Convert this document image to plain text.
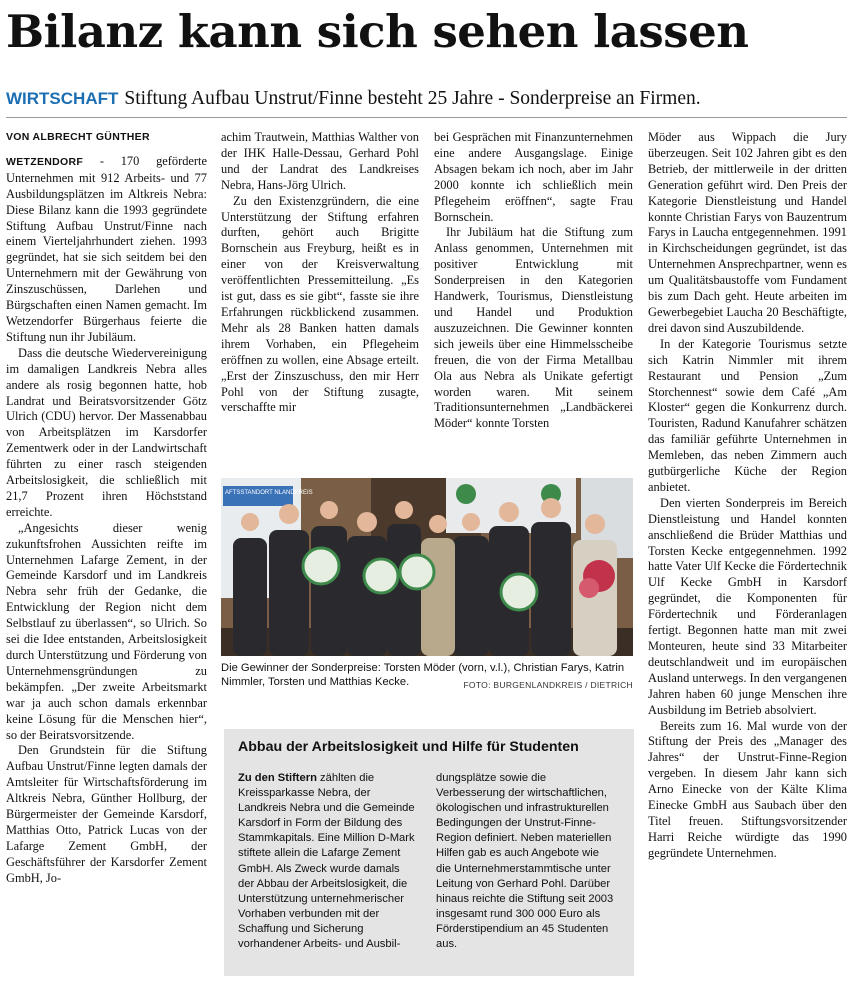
Bilanz kann sich sehen lassen
WIRTSCHAFT Stiftung Aufbau Unstrut/Finne besteht 25 Jahre - Sonderpreise an Firmen.
VON ALBRECHT GÜNTHER

WETZENDORF - 170 geförderte Unternehmen mit 912 Arbeits- und 77 Ausbildungsplätzen im Altkreis Nebra: Diese Bilanz kann die 1993 gegründete Stiftung Aufbau Unstrut/Finne nach einem Vierteljahrhundert ziehen. 1993 gegründet, hat sie sich seitdem bei den Unternehmern mit der Gewährung von Zinszuschüssen, Darlehen und Bürgschaften einen Namen gemacht. Im Wetzendorfer Bürgerhaus feierte die Stiftung nun ihr Jubiläum.

Dass die deutsche Wiedervereinigung im damaligen Landkreis Nebra alles andere als rosig begonnen hatte, hob Landrat und Beiratsvorsitzender Götz Ulrich (CDU) hervor. Der Massenabbau von Arbeitsplätzen im Karsdorfer Zementwerk oder in der Landwirtschaft führten zu einer rasch steigenden Arbeitslosigkeit, die schließlich mit 21,7 Prozent ihren Höchststand erreichte.

„Angesichts dieser wenig zukunftsfrohen Aussichten reifte im Unternehmen Lafarge Zement, in der Gemeinde Karsdorf und im Landkreis Nebra sehr früh der Gedanke, die Entwicklung der Region nicht dem Selbstlauf zu überlassen“, so Ulrich. So sei die Idee entstanden, Arbeitslosigkeit durch Unterstützung und Förderung von Unternehmensgründungen zu bekämpfen. „Der zweite Arbeitsmarkt war ja auch schon damals erkennbar keine Lösung für die Menschen hier“, so der Beiratsvorsitzende.

Den Grundstein für die Stiftung Aufbau Unstrut/Finne legten damals der Amtsleiter für Wirtschaftsförderung im Altkreis Nebra, Günther Hollburg, der Bürgermeister der Gemeinde Karsdorf, Matthias Otto, Patrick Lucas von der Lafarge Zement GmbH, der Geschäftsführer der Karsdorfer Zement GmbH, Jo-

achim Trautwein, Matthias Walther von der IHK Halle-Dessau, Gerhard Pohl und der Landrat des Landkreises Nebra, Hans-Jörg Ulrich.

Zu den Existenzgründern, die eine Unterstützung der Stiftung erfahren durften, gehört auch Brigitte Bornschein aus Freyburg, heißt es in einer von der Kreisverwaltung veröffentlichten Pressemitteilung. „Es ist gut, dass es sie gibt“, fasste sie ihre Erfahrungen rückblickend zusammen. Mehr als 28 Banken hatten damals ihrem Vorhaben, ein Pflegeheim eröffnen zu wollen, eine Absage erteilt. „Erst der Zinszuschuss, den mir Herr Pohl von der Stiftung zusagte, verschaffte mir

bei Gesprächen mit Finanzunternehmen eine andere Ausgangslage. Einige Absagen bekam ich noch, aber im Jahr 2000 konnte ich schließlich mein Pflegeheim eröffnen“, sagte Frau Bornschein.

Ihr Jubiläum hat die Stiftung zum Anlass genommen, Unternehmen mit positiver Entwicklung mit Sonderpreisen in den Kategorien Handwerk, Tourismus, Dienstleistung und Handel und Produktion auszuzeichnen. Die Gewinner konnten sich jeweils über eine Himmelsscheibe freuen, die von der Firma Metallbau Ola aus Nebra als Unikate gefertigt worden waren. Mit seinem Traditionsunternehmen „Landbäckerei Möder“ konnte Torsten

Möder aus Wippach die Jury überzeugen. Seit 102 Jahren gibt es den Betrieb, der mittlerweile in der dritten Generation geführt wird. Den Preis der Kategorie Dienstleistung und Handel konnte Christian Farys von Bauzentrum Farys in Laucha entgegennehmen. 1991 in Kirchscheidungen gegründet, ist das Unternehmen Ansprechpartner, wenn es um Qualitätsbaustoffe vom Fundament bis zum Dach geht. Heute arbeiten im Gewerbegebiet Laucha 20 Beschäftigte, drei davon sind Auszubildende.

In der Kategorie Tourismus setzte sich Katrin Nimmler mit ihrem Restaurant und Pension „Zum Storchennest“ sowie dem Café „Am Kloster“ gegen die Konkurrenz durch. Touristen, Radund Kanufahrer schätzen das familiär geführte Unternehmen in Memleben, das neben Zimmern auch gutbürgerliche Küche der Region anbietet.

Den vierten Sonderpreis im Bereich Dienstleistung und Handel konnten anschließend die Brüder Matthias und Torsten Kecke entgegennehmen. 1992 hatte Vater Ulf Kecke die Fördertechnik Ulf Kecke GmbH in Karsdorf gegründet, die Komponenten für Fördertechnik und Förderanlagen fertigt. Begonnen hatte man mit zwei Monteuren, heute sind 33 Mitarbeiter deutschlandweit und im europäischen Ausland unterwegs. In den vergangenen Jahren haben 60 junge Menschen ihre Ausbildung im Betrieb absolviert.

Bereits zum 16. Mal wurde von der Stiftung der Preis des „Manager des Jahres“ der Unstrut-Finne-Region vergeben. In diesem Jahr kann sich Arno Einecke von der Kälte Klima Einecke GmbH aus Saubach über den Titel freuen. Stiftungsvorsitzender Harri Reiche würdigte das 1990 gegründete Unternehmen.

AFTSSTANDORT NLANDKREIS
Die Gewinner der Sonderpreise: Torsten Möder (vorn, v.l.), Christian Farys, Katrin Nimmler, Torsten und Matthias Kecke.	FOTO: BURGENLANDKREIS / DIETRICH
Abbau der Arbeitslosigkeit und Hilfe für Studenten
Zu den Stiftern zählten die Kreissparkasse Nebra, der Landkreis Nebra und die Gemeinde Karsdorf in Form der Bildung des Stammkapitals. Eine Million D-Mark stiftete allein die Lafarge Zement GmbH. Als Zweck wurde damals der Abbau der Arbeitslosigkeit, die Unterstützung unternehmerischer Vorhaben verbunden mit der Schaffung und Sicherung vorhandener Arbeits- und Ausbil-
dungsplätze sowie die Verbesserung der wirtschaftlichen, ökologischen und infrastrukturellen Bedingungen der Unstrut-Finne-Region definiert. Neben materiellen Hilfen gab es auch Angebote wie die Unternehmerstammtische unter Leitung von Gerhard Pohl. Darüber hinaus reichte die Stiftung seit 2003 insgesamt rund 300 000 Euro als Förderstipendium an 45 Studenten aus.
